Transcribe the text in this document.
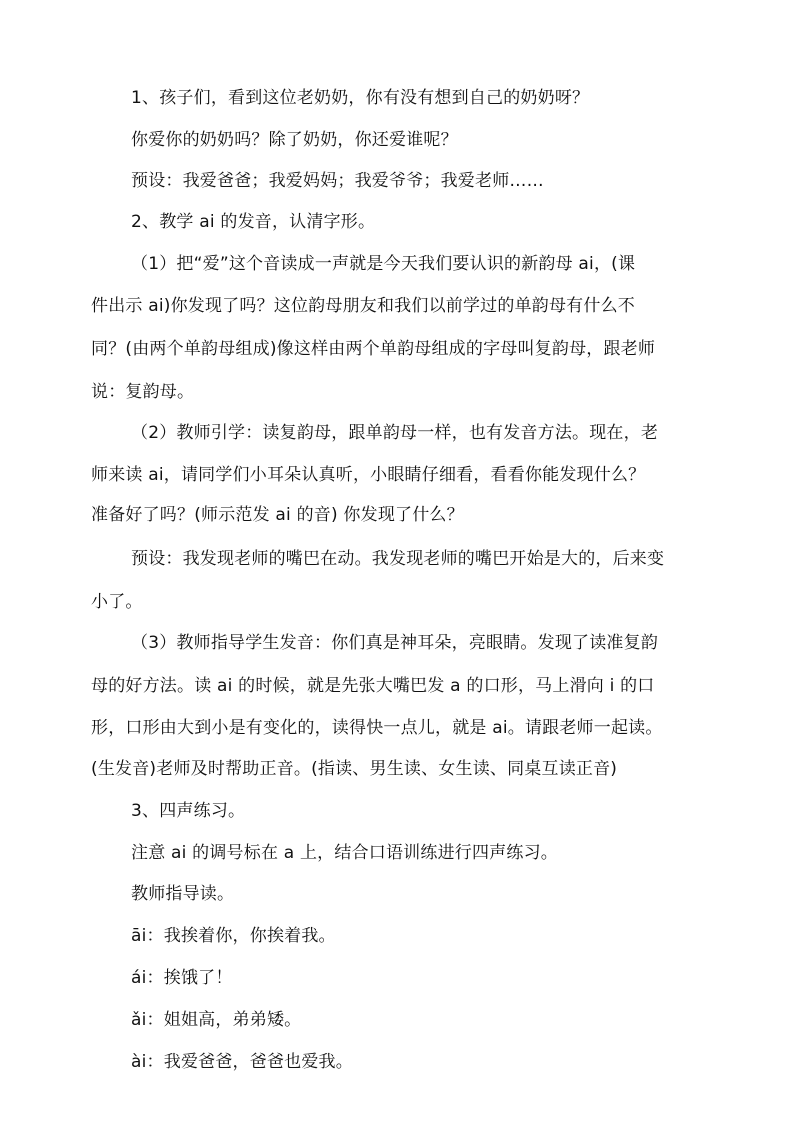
1、孩子们，看到这位老奶奶，你有没有想到自己的奶奶呀？
你爱你的奶奶吗？除了奶奶，你还爱谁呢？
预设：我爱爸爸；我爱妈妈；我爱爷爷；我爱老师……
2、教学 ai 的发音，认清字形。
（1）把“爱”这个音读成一声就是今天我们要认识的新韵母 ai，(课
件出示 ai)你发现了吗？这位韵母朋友和我们以前学过的单韵母有什么不
同？(由两个单韵母组成)像这样由两个单韵母组成的字母叫复韵母，跟老师
说：复韵母。
（2）教师引学：读复韵母，跟单韵母一样，也有发音方法。现在，老
师来读 ai，请同学们小耳朵认真听，小眼睛仔细看，看看你能发现什么？
准备好了吗？(师示范发 ai 的音) 你发现了什么？
预设：我发现老师的嘴巴在动。我发现老师的嘴巴开始是大的，后来变
小了。
（3）教师指导学生发音：你们真是神耳朵，亮眼睛。发现了读准复韵
母的好方法。读 ai 的时候，就是先张大嘴巴发 a 的口形，马上滑向 i 的口
形，口形由大到小是有变化的，读得快一点儿，就是 ai。请跟老师一起读。
(生发音)老师及时帮助正音。(指读、男生读、女生读、同桌互读正音)
3、四声练习。
注意 ai 的调号标在 a 上，结合口语训练进行四声练习。
教师指导读。
āi：我挨着你，你挨着我。
ái：挨饿了！
ǎi：姐姐高，弟弟矮。
ài：我爱爸爸，爸爸也爱我。
